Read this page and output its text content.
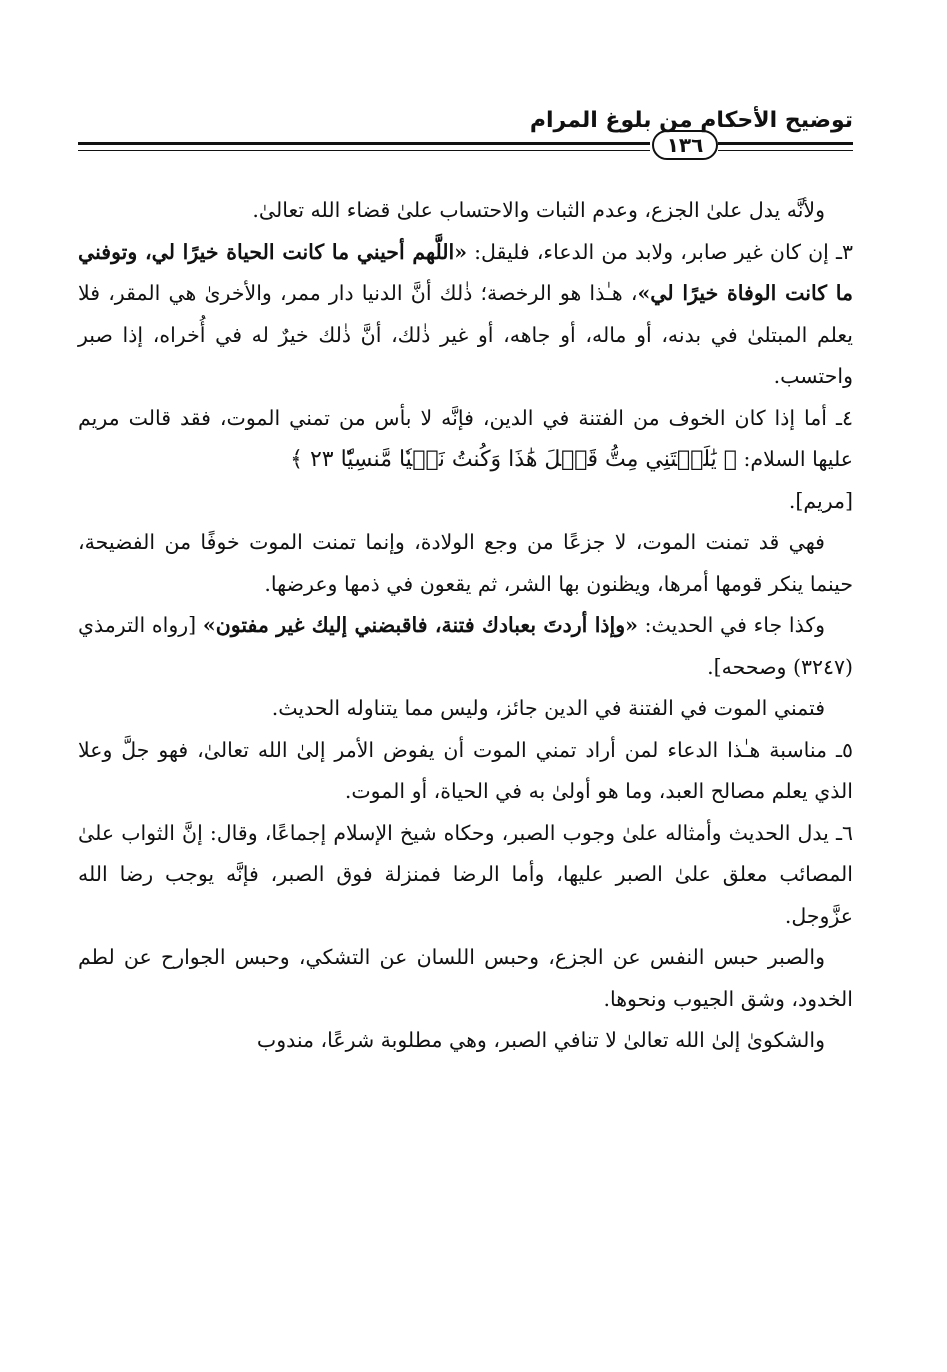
توضيح الأحكام من بلوغ المرام
١٣٦

ولأنَّه يدل علىٰ الجزع، وعدم الثبات والاحتساب علىٰ قضاء الله تعالىٰ.

٣ـ إن كان غير صابر، ولابد من الدعاء، فليقل: «اللَّهم أحيني ما كانت الحياة خيرًا لي، وتوفني ما كانت الوفاة خيرًا لي»، هـٰذا هو الرخصة؛ ذٰلك أنَّ الدنيا دار ممر، والأخرىٰ هي المقر، فلا يعلم المبتلىٰ في بدنه، أو ماله، أو جاهه، أو غير ذٰلك، أنَّ ذٰلك خيرٌ له في أُخراه، إذا صبر واحتسب.

٤ـ أما إذا كان الخوف من الفتنة في الدين، فإنَّه لا بأس من تمني الموت، فقد قالت مريم عليها السلام: ﴿ يَٰلَيۡتَنِي مِتُّ قَبۡلَ هَٰذَا وَكُنتُ نَسۡيٗا مَّنسِيّٗا ٢٣ ﴾
[مريم].

فهي قد تمنت الموت، لا جزعًا من وجع الولادة، وإنما تمنت الموت خوفًا من الفضيحة، حينما ينكر قومها أمرها، ويظنون بها الشر، ثم يقعون في ذمها وعرضها.

وكذا جاء في الحديث: «وإذا أردتَ بعبادك فتنة، فاقبضني إليك غير مفتون» [رواه الترمذي (٣٢٤٧) وصححه].

فتمني الموت في الفتنة في الدين جائز، وليس مما يتناوله الحديث.

٥ـ مناسبة هـٰذا الدعاء لمن أراد تمني الموت أن يفوض الأمر إلىٰ الله تعالىٰ، فهو جلَّ وعلا الذي يعلم مصالح العبد، وما هو أولىٰ به في الحياة، أو الموت.

٦ـ يدل الحديث وأمثاله علىٰ وجوب الصبر، وحكاه شيخ الإسلام إجماعًا، وقال: إنَّ الثواب علىٰ المصائب معلق علىٰ الصبر عليها، وأما الرضا فمنزلة فوق الصبر، فإنَّه يوجب رضا الله عزَّوجل.

والصبر حبس النفس عن الجزع، وحبس اللسان عن التشكي، وحبس الجوارح عن لطم الخدود، وشق الجيوب ونحوها.

والشكوىٰ إلىٰ الله تعالىٰ لا تنافي الصبر، وهي مطلوبة شرعًا، مندوب
